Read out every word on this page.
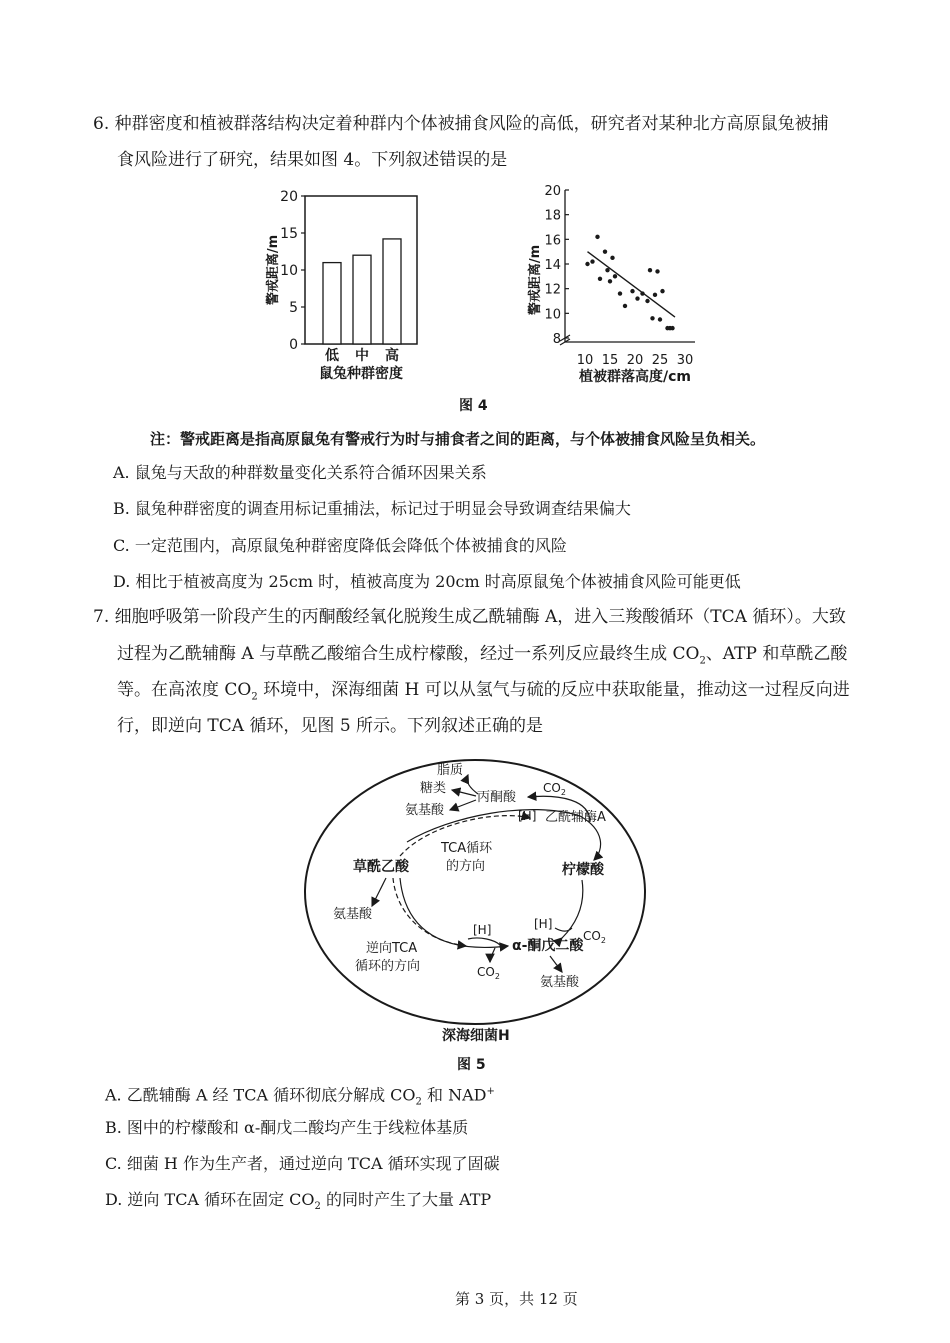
6. 种群密度和植被群落结构决定着种群内个体被捕食风险的高低，研究者对某种北方高原鼠兔被捕
食风险进行了研究，结果如图 4。下列叙述错误的是
0
5
10
15
20
低 中 高
警戒距离/m
鼠兔种群密度
8
10
12
14
16
18
20
10 15 20 25 30
警戒距离/m
植被群落高度/cm
图 4
注：警戒距离是指高原鼠兔有警戒行为时与捕食者之间的距离，与个体被捕食风险呈负相关。
A. 鼠兔与天敌的种群数量变化关系符合循环因果关系
B. 鼠兔种群密度的调查用标记重捕法，标记过于明显会导致调查结果偏大
C. 一定范围内，高原鼠兔种群密度降低会降低个体被捕食的风险
D. 相比于植被高度为 25cm 时，植被高度为 20cm 时高原鼠兔个体被捕食风险可能更低
7. 细胞呼吸第一阶段产生的丙酮酸经氧化脱羧生成乙酰辅酶 A，进入三羧酸循环（TCA 循环）。大致
过程为乙酰辅酶 A 与草酰乙酸缩合生成柠檬酸，经过一系列反应最终生成 $CO_2$、ATP 和草酰乙酸
等。在高浓度 $CO_2$ 环境中，深海细菌 H 可以从氢气与硫的反应中获取能量，推动这一过程反向进
行，即逆向 TCA 循环，见图 5 所示。下列叙述正确的是
脂质
糖类
氨基酸
丙酮酸
$CO_2$
[H] 乙酰辅酶A
草酰乙酸
TCA循环
的方向	柠檬酸
氨基酸
逆向TCA
循环的方向
[H]
$CO_2$
α-酮戊二酸
[H]
$CO_2$
氨基酸
深海细菌H
图 5
A. 乙酰辅酶 A 经 TCA 循环彻底分解成 $CO_2$ 和 NAD+
B. 图中的柠檬酸和 α-酮戊二酸均产生于线粒体基质
C. 细菌 H 作为生产者，通过逆向 TCA 循环实现了固碳
D. 逆向 TCA 循环在固定 $CO_2$ 的同时产生了大量 ATP
第 3 页，共 12 页
